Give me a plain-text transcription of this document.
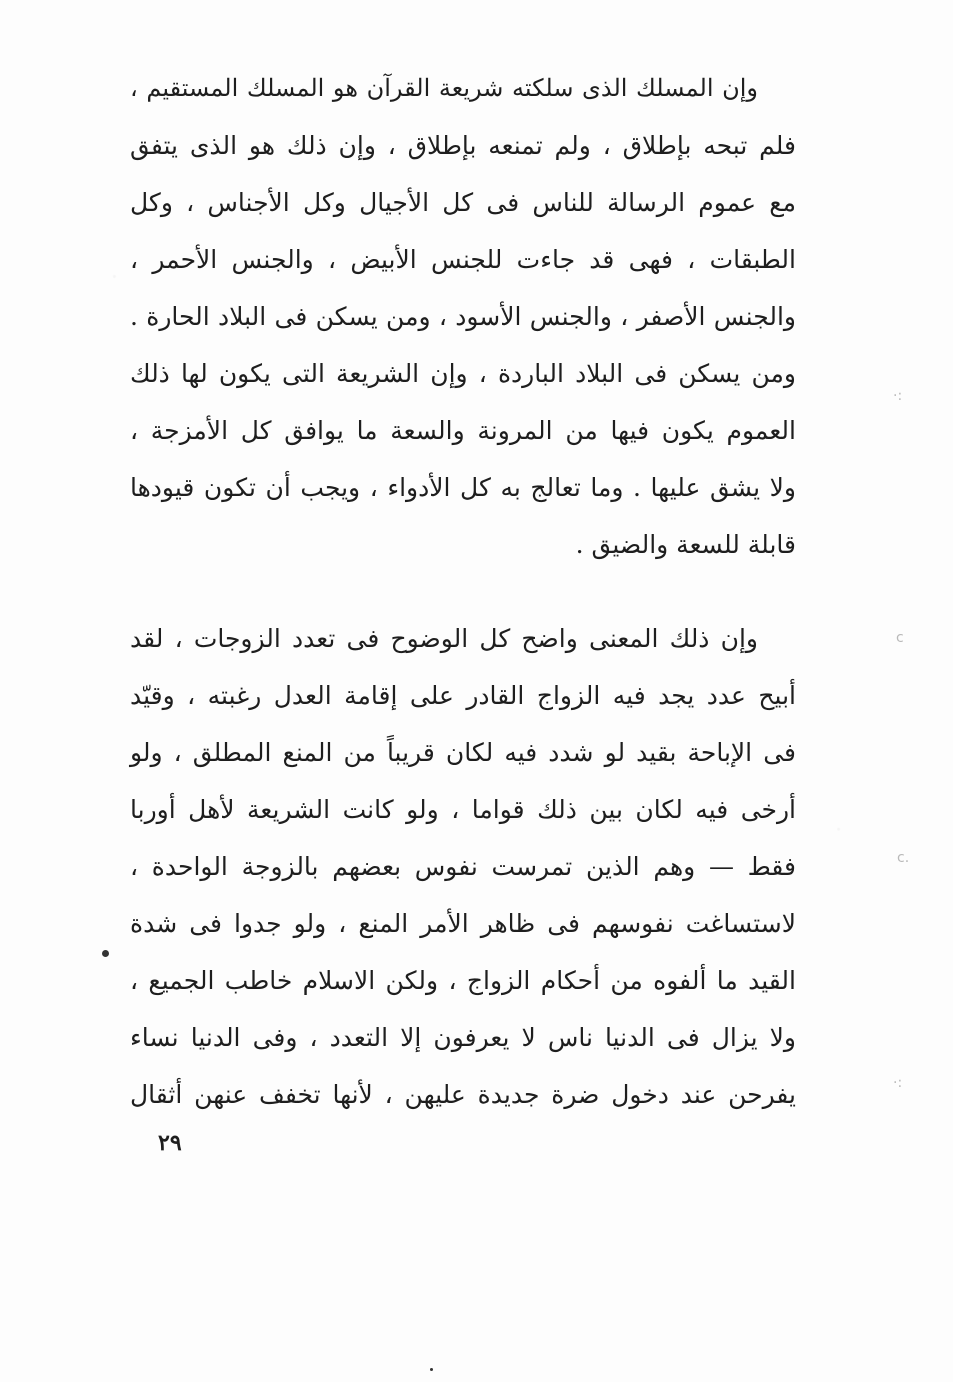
وإن المسلك الذى سلكته شريعة القرآن هو المسلك المستقيم ،
فلم تبحه بإطلاق ، ولم تمنعه بإطلاق ، وإن ذلك هو الذى يتفق
مع عموم الرسالة للناس فى كل الأجيال وكل الأجناس ، وكل
الطبقات ، فهى قد جاءت للجنس الأبيض ، والجنس الأحمر ،
والجنس الأصفر ، والجنس الأسود ، ومن يسكن فى البلاد الحارة .
ومن يسكن فى البلاد الباردة ، وإن الشريعة التى يكون لها ذلك
العموم يكون فيها من المرونة والسعة ما يوافق كل الأمزجة ،
ولا يشق عليها . وما تعالج به كل الأدواء ، ويجب أن تكون قيودها
قابلة للسعة والضيق .
وإن ذلك المعنى واضح كل الوضوح فى تعدد الزوجات ، لقد
أبيح عدد يجد فيه الزواج القادر على إقامة العدل رغبته ، وقيّد
فى الإباحة بقيد لو شدد فيه لكان قريباً من المنع المطلق ، ولو
أرخى فيه لكان بين ذلك قواما ، ولو كانت الشريعة لأهل أوربا
فقط — وهم الذين تمرست نفوس بعضهم بالزوجة الواحدة ،
لاستساغت نفوسهم فى ظاهر الأمر المنع ، ولو جدوا فى شدة
القيد ما ألفوه من أحكام الزواج ، ولكن الاسلام خاطب الجميع ،
ولا يزال فى الدنيا ناس لا يعرفون إلا التعدد ، وفى الدنيا نساء
يفرحن عند دخول ضرة جديدة عليهن ، لأنها تخفف عنهن أثقال
٢٩
·:
c
c.
·:
